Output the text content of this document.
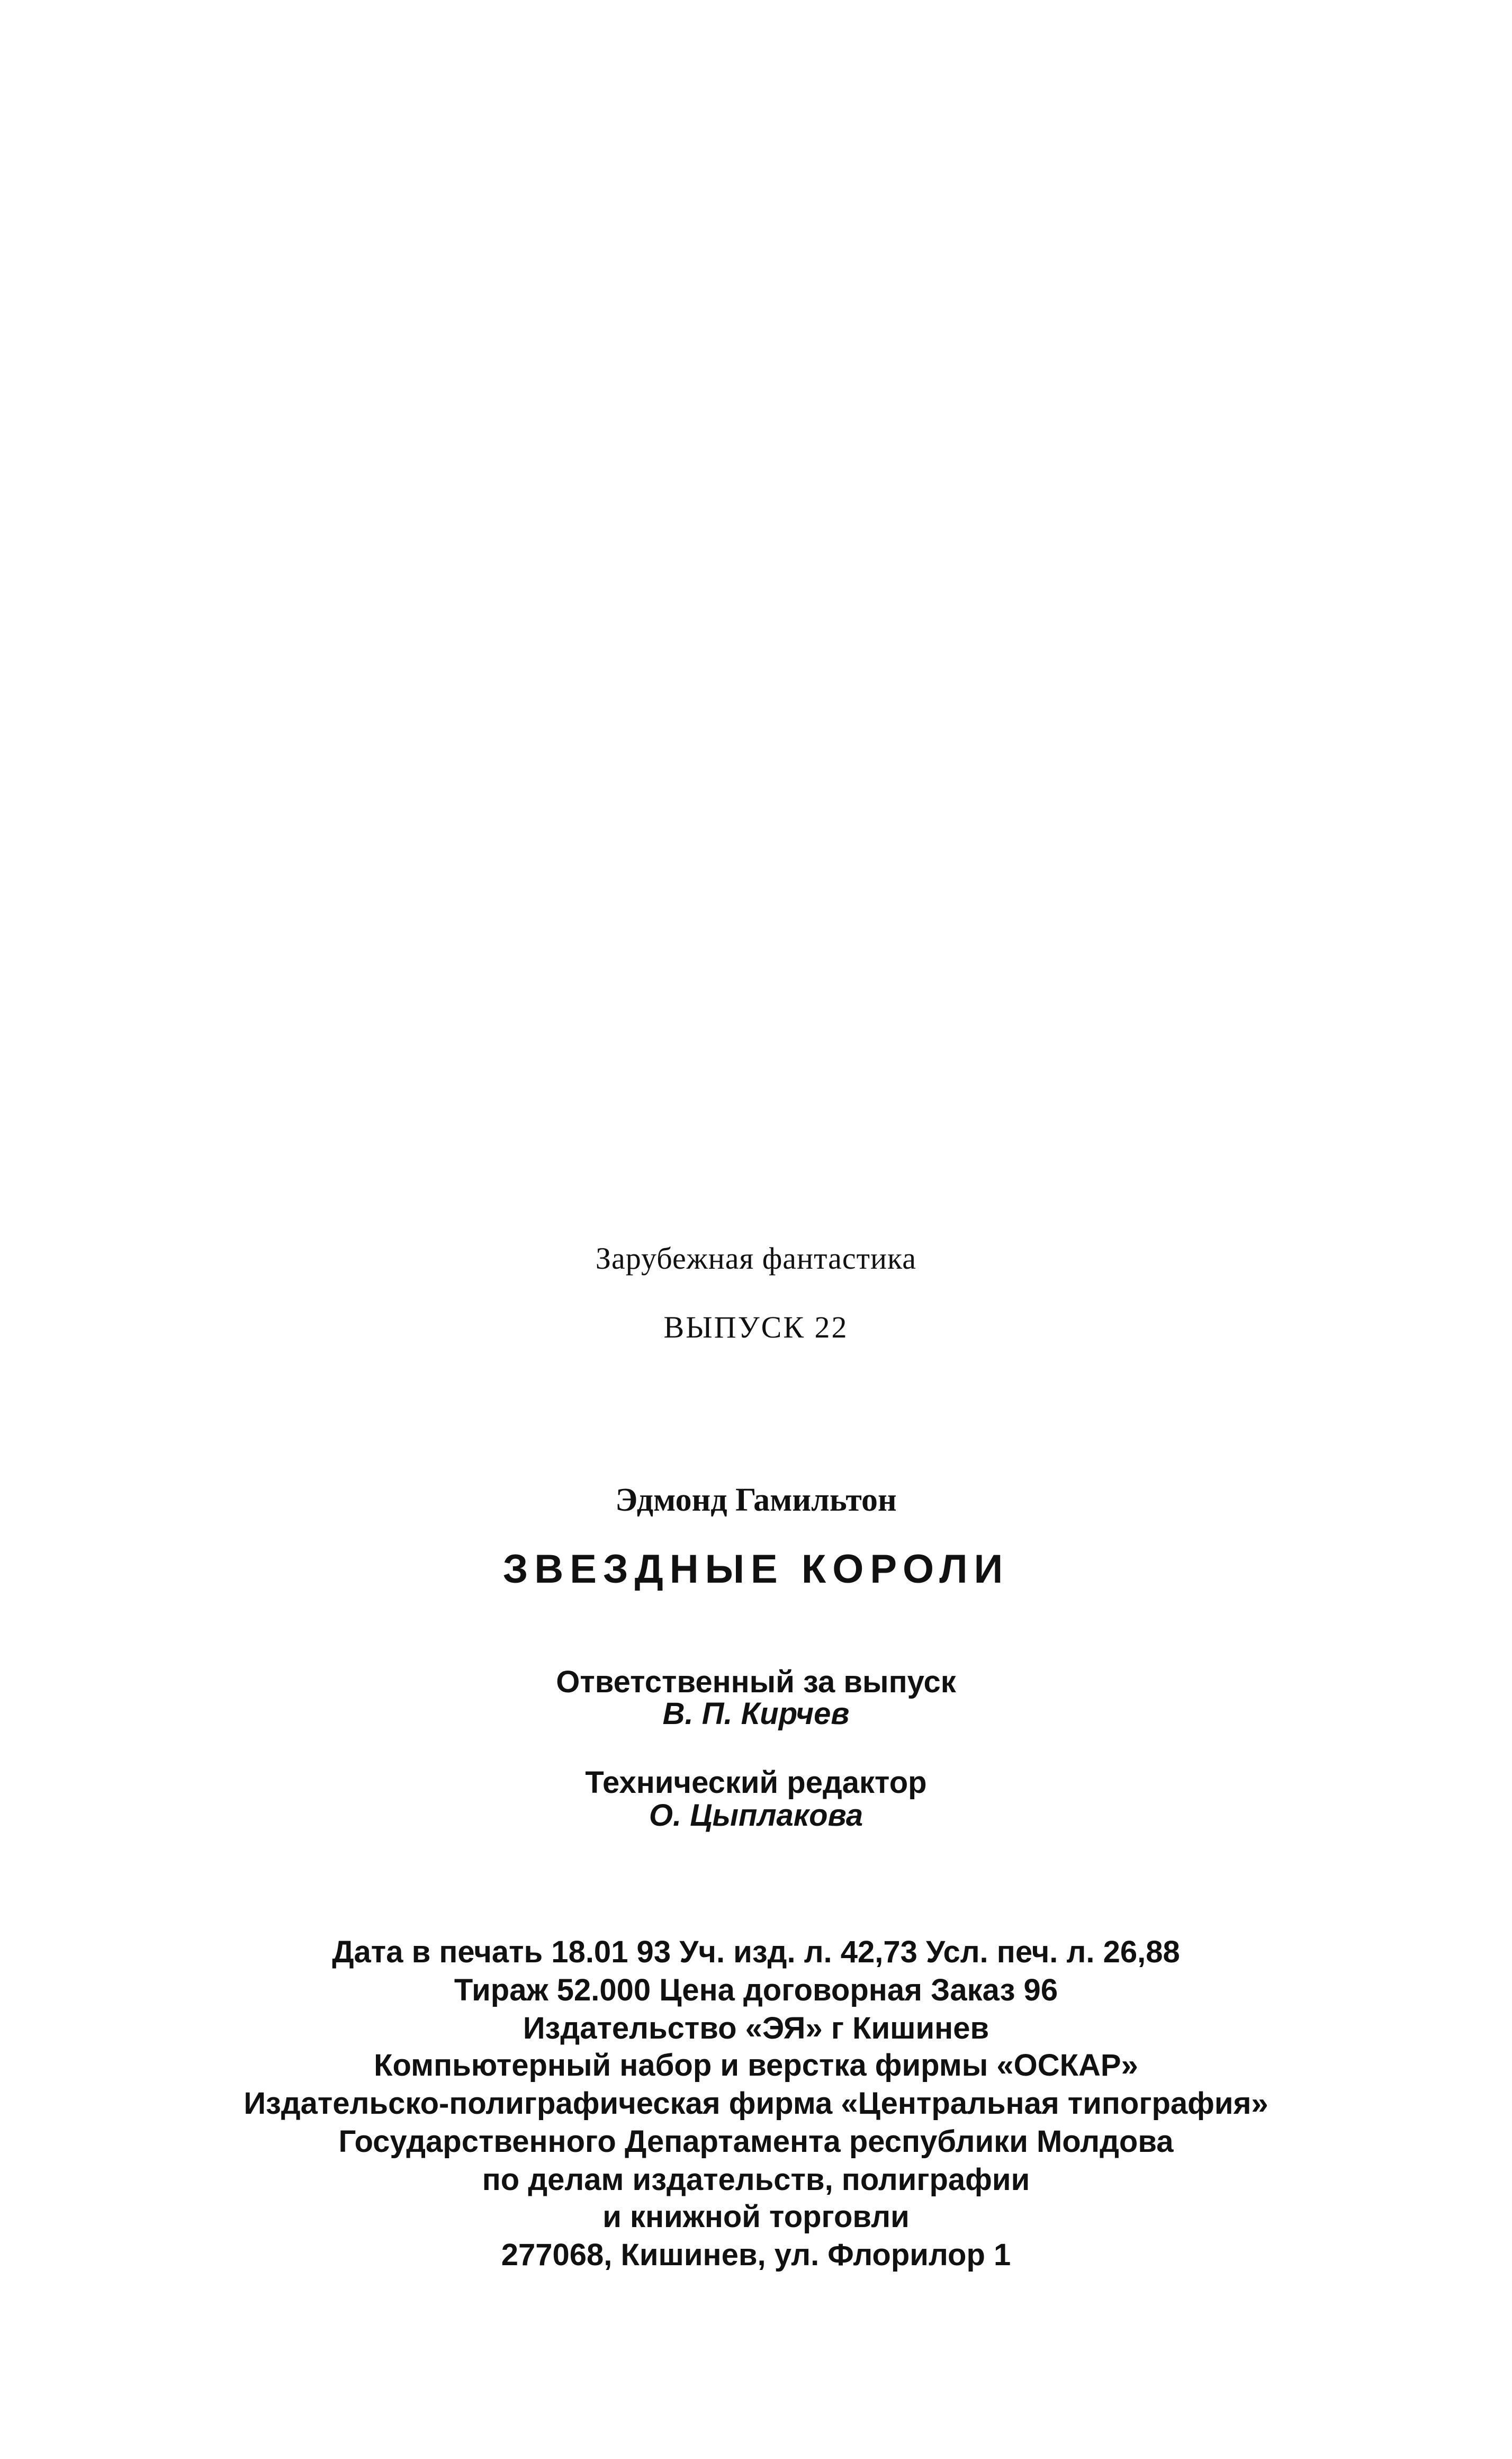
Зарубежная фантастика
ВЫПУСК 22
Эдмонд Гамильтон
ЗВЕЗДНЫЕ КОРОЛИ
Ответственный за выпуск
В. П. Кирчев
Технический редактор
О. Цыплакова
Дата в печать 18.01 93 Уч. изд. л. 42,73 Усл. печ. л. 26,88
Тираж 52.000 Цена договорная Заказ 96
Издательство «ЭЯ» г Кишинев
Компьютерный набор и верстка фирмы «ОСКАР»
Издательско-полиграфическая фирма «Центральная типография»
Государственного Департамента республики Молдова
по делам издательств, полиграфии
и книжной торговли
277068, Кишинев, ул. Флорилор 1
